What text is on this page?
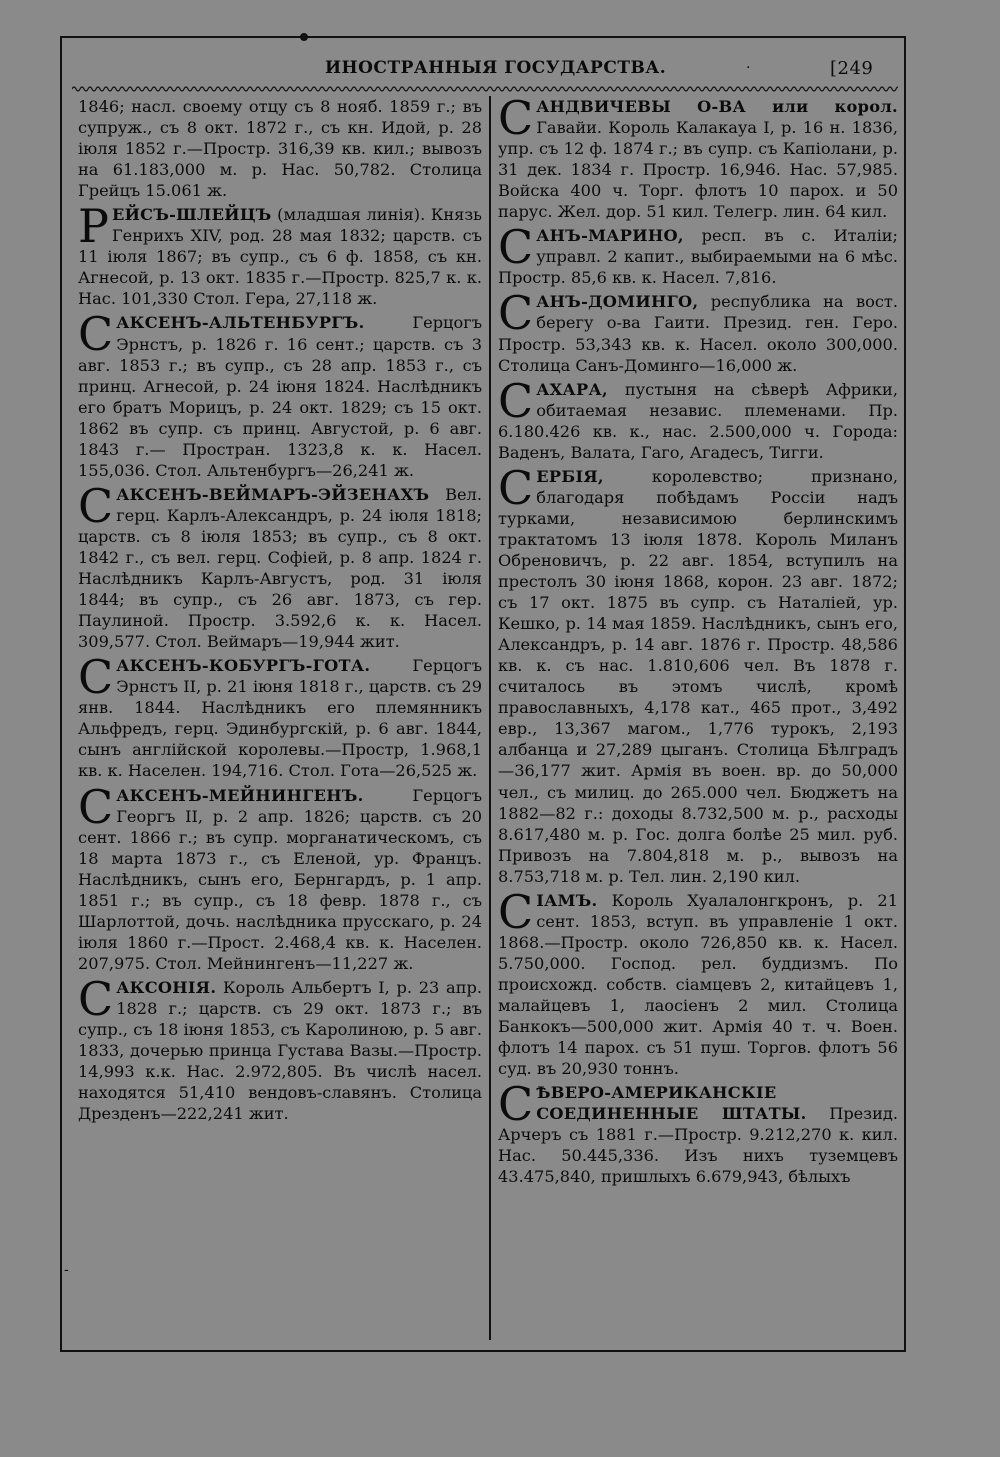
ИНОСТРАННЫЯ ГОСУДАРСТВА.	.	[249

1846; насл. своему отцу съ 8 нояб. 1859 г.; въ супруж., съ 8 окт. 1872 г., съ кн. Идой, р. 28 іюля 1852 г.—Простр. 316,39 кв. кил.; вывозъ на 61.183,000 м. р. Нас. 50,782. Столица Грейцъ 15.061 ж.

РЕЙСЪ-ШЛЕЙЦЪ (младшая линія). Князь Генрихъ XIV, род. 28 мая 1832; царств. съ 11 іюля 1867; въ супр., съ 6 ф. 1858, съ кн. Агнесой, р. 13 окт. 1835 г.—Простр. 825,7 к. к. Нас. 101,330 Стол. Гера, 27,118 ж.

САКСЕНЪ-АЛЬТЕНБУРГЪ. Герцогъ Эрнстъ, р. 1826 г. 16 сент.; царств. съ 3 авг. 1853 г.; въ супр., съ 28 апр. 1853 г., съ принц. Агнесой, р. 24 іюня 1824. Наслѣдникъ его братъ Морицъ, р. 24 окт. 1829; съ 15 окт. 1862 въ супр. съ принц. Августой, р. 6 авг. 1843 г.— Простран. 1323,8 к. к. Насел. 155,036. Стол. Альтенбургъ—26,241 ж.

САКСЕНЪ-ВЕЙМАРЪ-ЭЙЗЕНАХЪ Вел. герц. Карлъ-Александръ, р. 24 іюля 1818; царств. съ 8 іюля 1853; въ супр., съ 8 окт. 1842 г., съ вел. герц. Софіей, р. 8 апр. 1824 г. Наслѣдникъ Карлъ-Августъ, род. 31 іюля 1844; въ супр., съ 26 авг. 1873, съ гер. Паулиной. Простр. 3.592,6 к. к. Насел. 309,577. Стол. Веймаръ—19,944 жит.

САКСЕНЪ-КОБУРГЪ-ГОТА. Герцогъ Эрнстъ II, р. 21 іюня 1818 г., царств. съ 29 янв. 1844. Наслѣдникъ его племянникъ Альфредъ, герц. Эдинбургскій, р. 6 авг. 1844, сынъ англійской королевы.—Простр, 1.968,1 кв. к. Населен. 194,716. Стол. Гота—26,525 ж.

САКСЕНЪ-МЕЙНИНГЕНЪ. Герцогъ Георгъ II, р. 2 апр. 1826; царств. съ 20 сент. 1866 г.; въ супр. морганатическомъ, съ 18 марта 1873 г., съ Еленой, ур. Францъ. Наслѣдникъ, сынъ его, Бернгардъ, р. 1 апр. 1851 г.; въ супр., съ 18 февр. 1878 г., съ Шарлоттой, дочь. наслѣдника прусскаго, р. 24 іюля 1860 г.—Прост. 2.468,4 кв. к. Населен. 207,975. Стол. Мейнингенъ—11,227 ж.

САКСОНІЯ. Король Альбертъ I, р. 23 апр. 1828 г.; царств. съ 29 окт. 1873 г.; въ супр., съ 18 іюня 1853, съ Каролиною, р. 5 авг. 1833, дочерью принца Густава Вазы.—Простр. 14,993 к.к. Нас. 2.972,805. Въ числѣ насел. находятся 51,410 вендовъ-славянъ. Столица Дрезденъ—222,241 жит.

САНДВИЧЕВЫ О-ВА или корол. Гавайи. Король Калакауа I, р. 16 н. 1836, упр. съ 12 ф. 1874 г.; въ супр. съ Капіолани, р. 31 дек. 1834 г. Простр. 16,946. Нас. 57,985. Войска 400 ч. Торг. флотъ 10 парох. и 50 парус. Жел. дор. 51 кил. Телегр. лин. 64 кил.

САНЪ-МАРИНО, респ. въ с. Италіи; управл. 2 капит., выбираемыми на 6 мѣс. Простр. 85,6 кв. к. Насел. 7,816.

САНЪ-ДОМИНГО, республика на вост. берегу о-ва Гаити. Презид. ген. Геро. Простр. 53,343 кв. к. Насел. около 300,000. Столица Санъ-Доминго—16,000 ж.

САХАРА, пустыня на сѣверѣ Африки, обитаемая независ. племенами. Пр. 6.180.426 кв. к., нас. 2.500,000 ч. Города: Ваденъ, Валата, Гаго, Агадесъ, Тигги.

СЕРБІЯ, королевство; признано, благодаря побѣдамъ Россіи надъ турками, независимою берлинскимъ трактатомъ 13 іюля 1878. Король Миланъ Обреновичъ, р. 22 авг. 1854, вступилъ на престолъ 30 іюня 1868, корон. 23 авг. 1872; съ 17 окт. 1875 въ супр. съ Наталіей, ур. Кешко, р. 14 мая 1859. Наслѣдникъ, сынъ его, Александръ, р. 14 авг. 1876 г. Простр. 48,586 кв. к. съ нас. 1.810,606 чел. Въ 1878 г. считалось въ этомъ числѣ, кромѣ православныхъ, 4,178 кат., 465 прот., 3,492 евр., 13,367 магом., 1,776 турокъ, 2,193 албанца и 27,289 цыганъ. Столица Бѣлградъ—36,177 жит. Армія въ воен. вр. до 50,000 чел., съ милиц. до 265.000 чел. Бюджетъ на 1882—82 г.: доходы 8.732,500 м. р., расходы 8.617,480 м. р. Гос. долга болѣе 25 мил. руб. Привозъ на 7.804,818 м. р., вывозъ на 8.753,718 м. р. Тел. лин. 2,190 кил.

СІАМЪ. Король Хуалалонгкронъ, р. 21 сент. 1853, вступ. въ управленіе 1 окт. 1868.—Простр. около 726,850 кв. к. Насел. 5.750,000. Господ. рел. буддизмъ. По происхожд. собств. сіамцевъ 2, китайцевъ 1, малайцевъ 1, лаосіенъ 2 мил. Столица Банкокъ—500,000 жит. Армія 40 т. ч. Воен. флотъ 14 парох. съ 51 пуш. Торгов. флотъ 56 суд. въ 20,930 тоннъ.

СѢВЕРО-АМЕРИКАНСКІЕ СОЕДИНЕННЫЕ ШТАТЫ. Презид. Арчеръ съ 1881 г.—Простр. 9.212,270 к. кил. Нас. 50.445,336. Изъ нихъ туземцевъ 43.475,840, пришлыхъ 6.679,943, бѣлыхъ

-
